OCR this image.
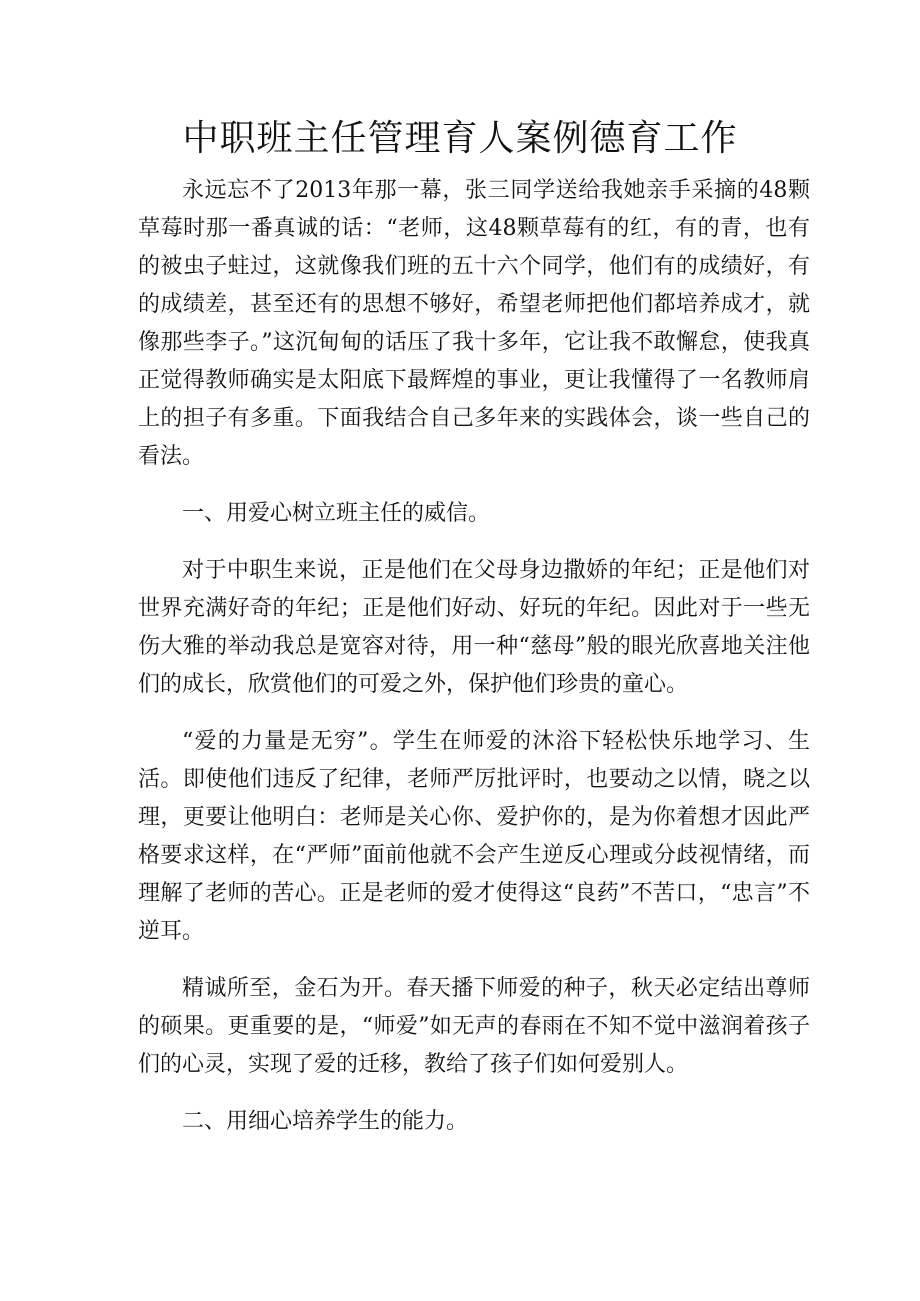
中职班主任管理育人案例德育工作

永远忘不了2013年那一幕，张三同学送给我她亲手采摘的48颗草莓时那一番真诚的话：“老师，这48颗草莓有的红，有的青，也有的被虫子蛀过，这就像我们班的五十六个同学，他们有的成绩好，有的成绩差，甚至还有的思想不够好，希望老师把他们都培养成才，就像那些李子。”这沉甸甸的话压了我十多年，它让我不敢懈怠，使我真正觉得教师确实是太阳底下最辉煌的事业，更让我懂得了一名教师肩上的担子有多重。下面我结合自己多年来的实践体会，谈一些自己的看法。

一、用爱心树立班主任的威信。

对于中职生来说，正是他们在父母身边撒娇的年纪；正是他们对世界充满好奇的年纪；正是他们好动、好玩的年纪。因此对于一些无伤大雅的举动我总是宽容对待，用一种“慈母”般的眼光欣喜地关注他们的成长，欣赏他们的可爱之外，保护他们珍贵的童心。

“爱的力量是无穷”。学生在师爱的沐浴下轻松快乐地学习、生活。即使他们违反了纪律，老师严厉批评时，也要动之以情，晓之以理，更要让他明白：老师是关心你、爱护你的，是为你着想才因此严格要求这样，在“严师”面前他就不会产生逆反心理或分歧视情绪，而理解了老师的苦心。正是老师的爱才使得这“良药”不苦口，“忠言”不逆耳。

精诚所至，金石为开。春天播下师爱的种子，秋天必定结出尊师的硕果。更重要的是，“师爱”如无声的春雨在不知不觉中滋润着孩子们的心灵，实现了爱的迁移，教给了孩子们如何爱别人。

二、用细心培养学生的能力。
